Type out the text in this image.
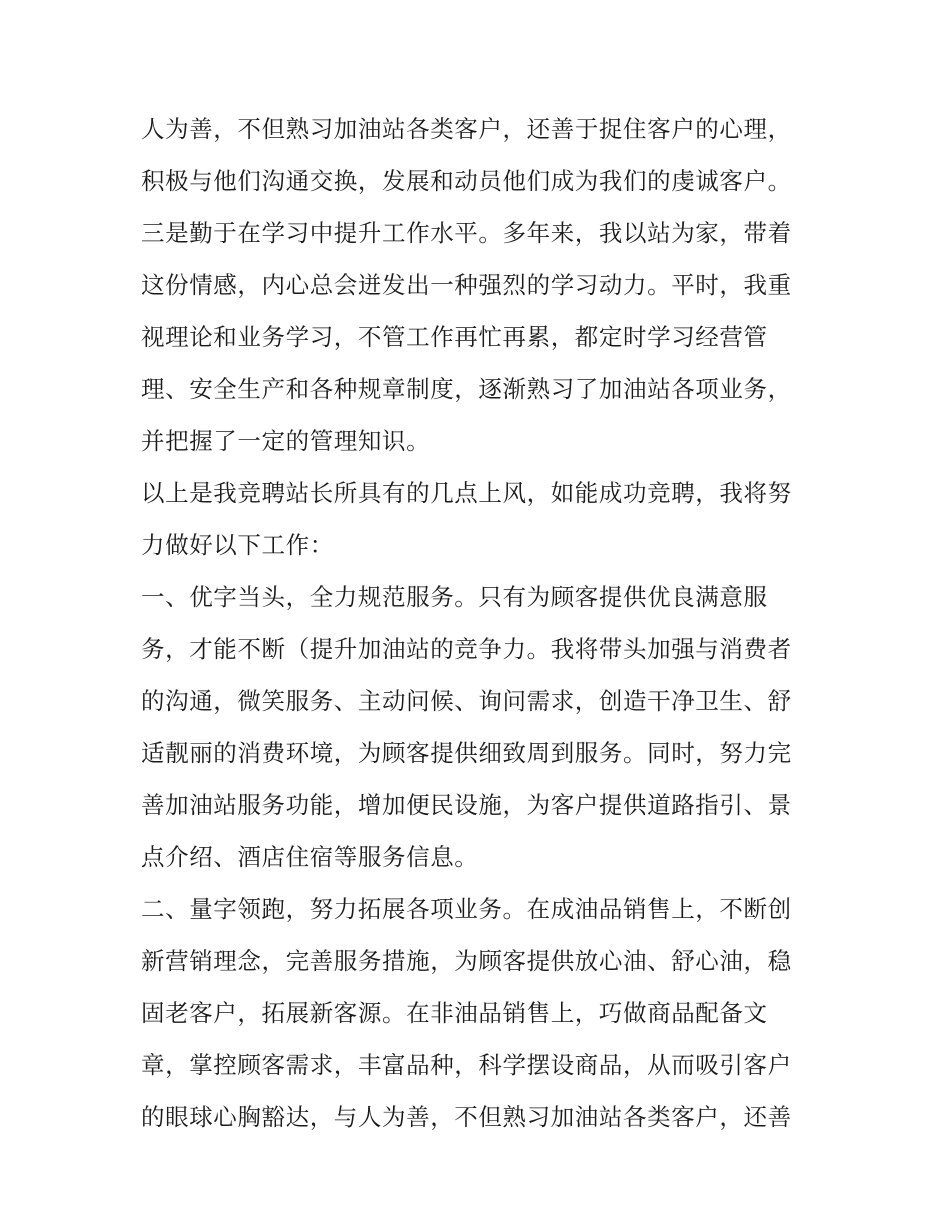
人为善，不但熟习加油站各类客户，还善于捉住客户的心理，
积极与他们沟通交换，发展和动员他们成为我们的虔诚客户。
三是勤于在学习中提升工作水平。多年来，我以站为家，带着
这份情感，内心总会迸发出一种强烈的学习动力。平时，我重
视理论和业务学习，不管工作再忙再累，都定时学习经营管
理、安全生产和各种规章制度，逐渐熟习了加油站各项业务，
并把握了一定的管理知识。
以上是我竞聘站长所具有的几点上风，如能成功竞聘，我将努
力做好以下工作：
一、优字当头，全力规范服务。只有为顾客提供优良满意服
务，才能不断（提升加油站的竞争力。我将带头加强与消费者
的沟通，微笑服务、主动问候、询问需求，创造干净卫生、舒
适靓丽的消费环境，为顾客提供细致周到服务。同时，努力完
善加油站服务功能，增加便民设施，为客户提供道路指引、景
点介绍、酒店住宿等服务信息。
二、量字领跑，努力拓展各项业务。在成油品销售上，不断创
新营销理念，完善服务措施，为顾客提供放心油、舒心油，稳
固老客户，拓展新客源。在非油品销售上，巧做商品配备文
章，掌控顾客需求，丰富品种，科学摆设商品，从而吸引客户
的眼球心胸豁达，与人为善，不但熟习加油站各类客户，还善
